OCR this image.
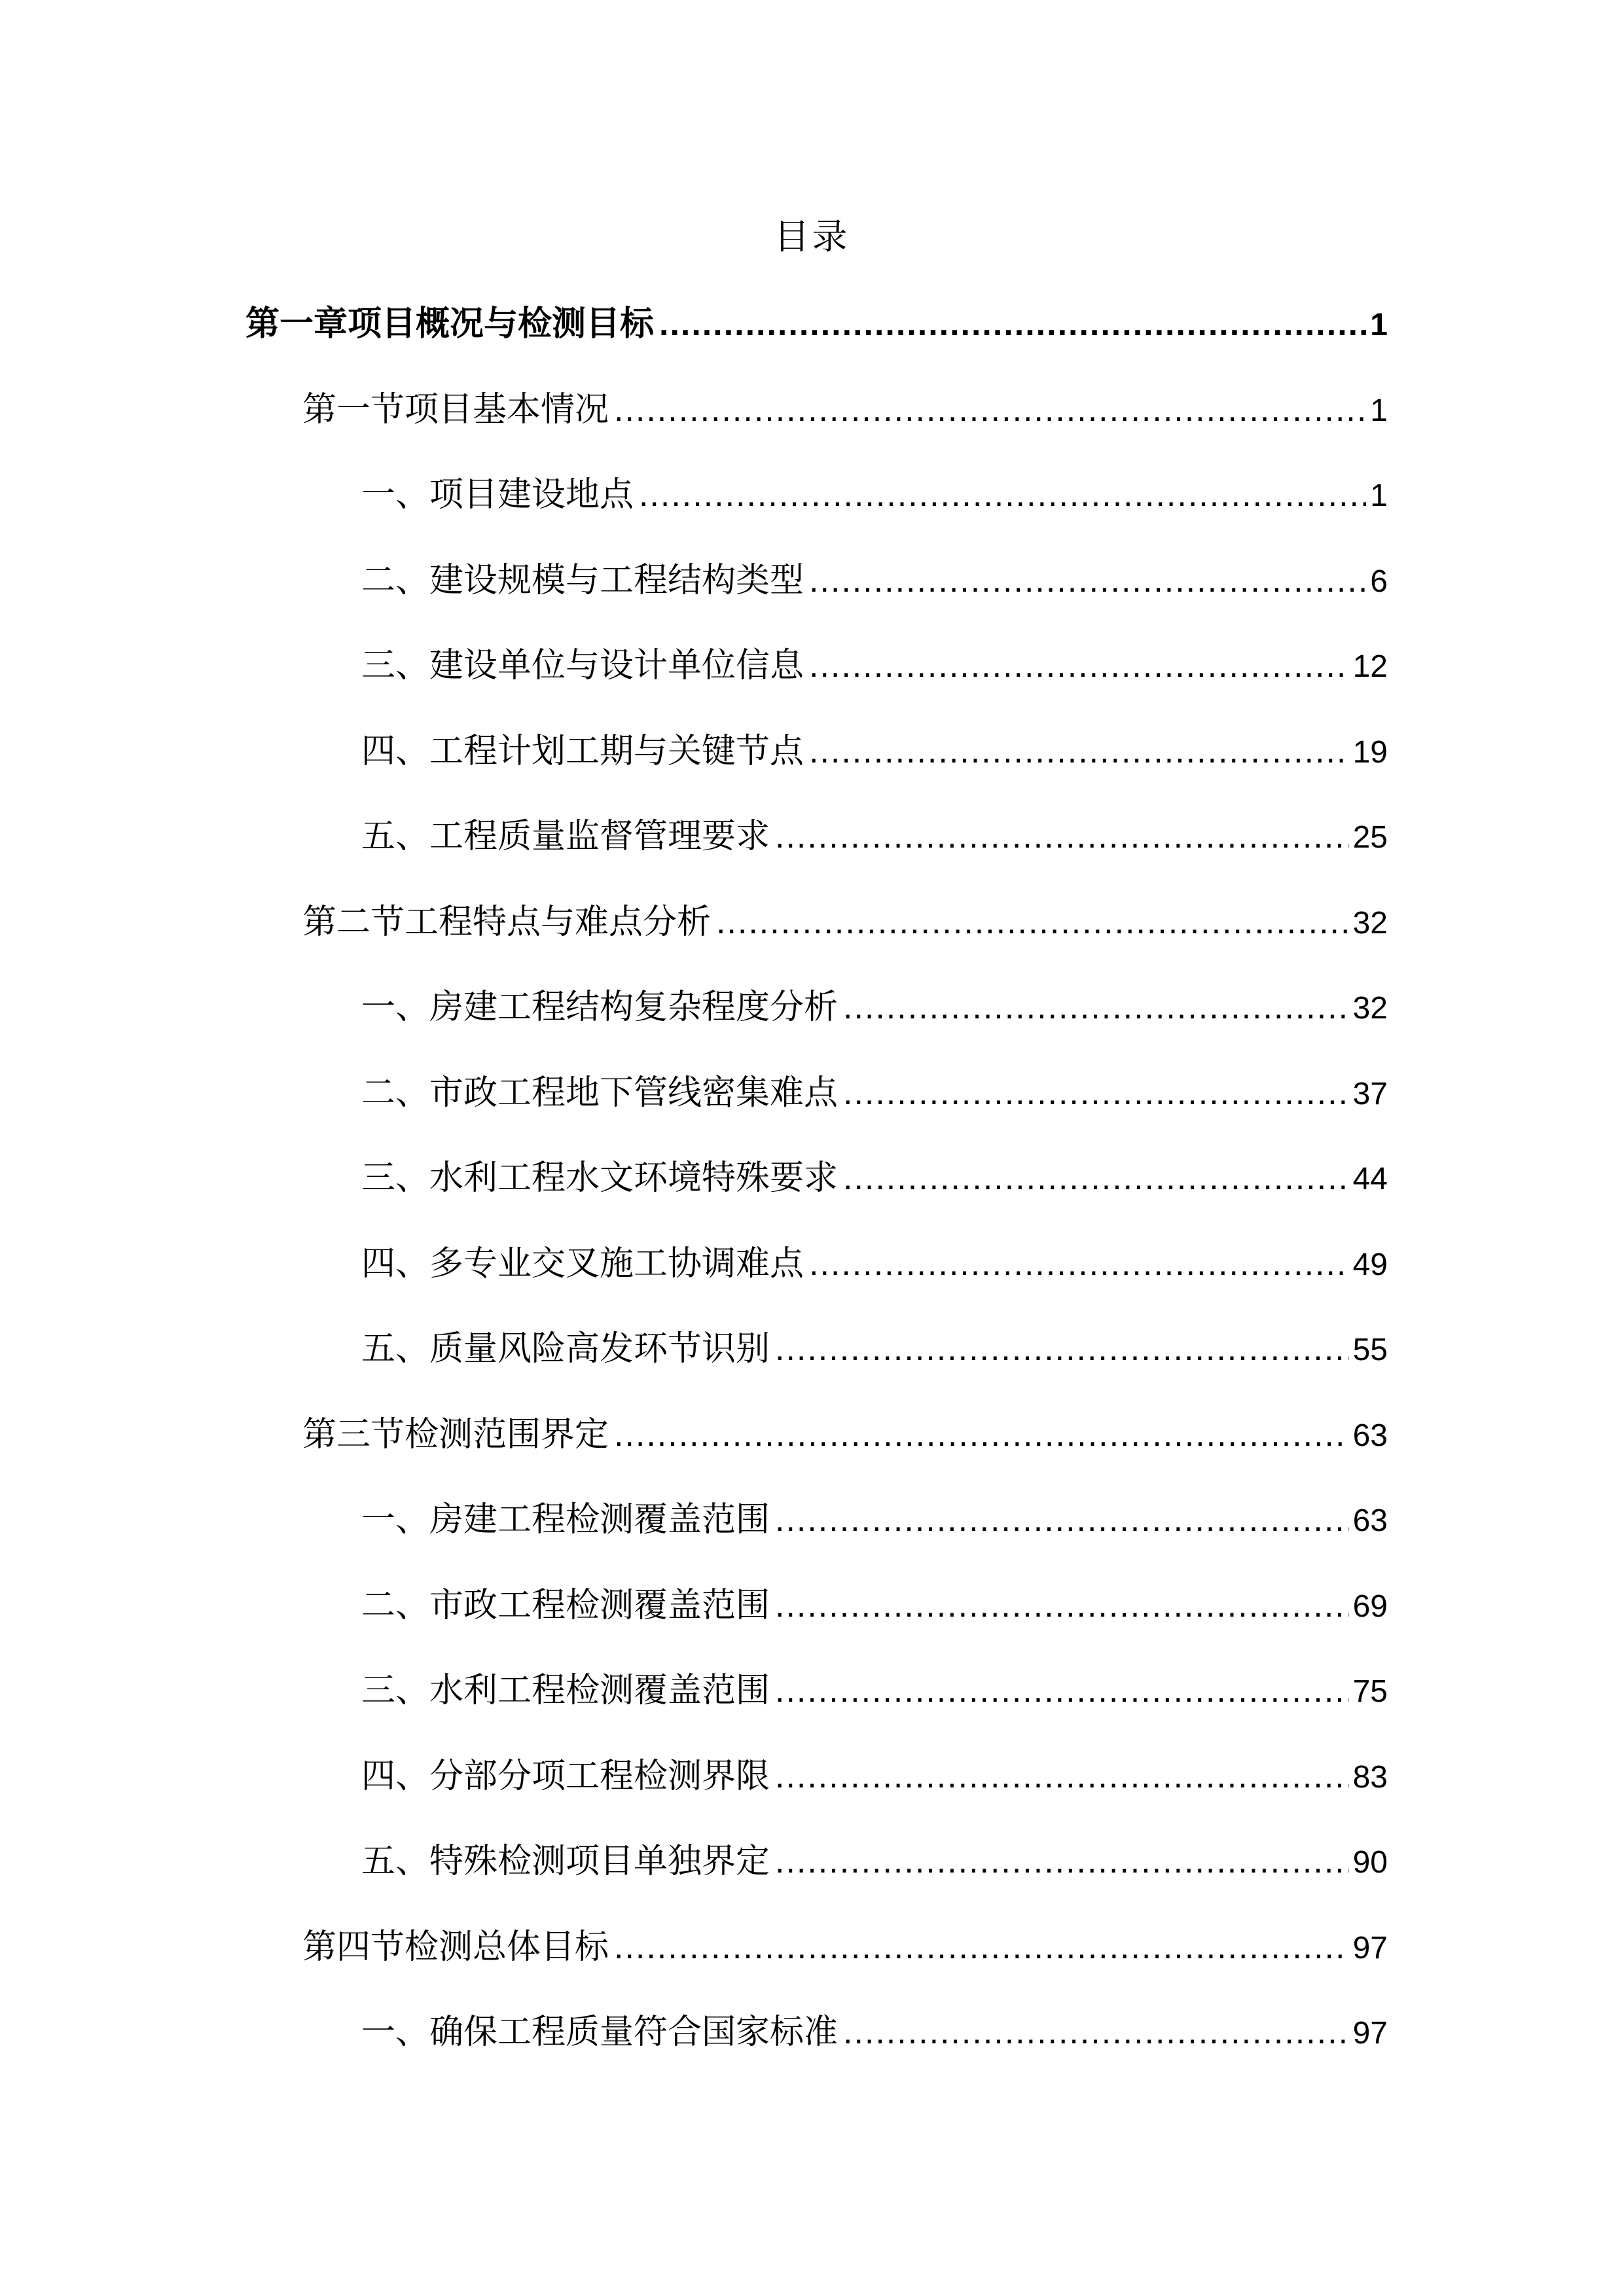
目录
第一章项目概况与检测目标 .....	1
第一节项目基本情况 .....	1
一、项目建设地点 .....	1
二、建设规模与工程结构类型 .....	6
三、建设单位与设计单位信息 .....	12
四、工程计划工期与关键节点 .....	19
五、工程质量监督管理要求 .....	25
第二节工程特点与难点分析 .....	32
一、房建工程结构复杂程度分析 .....	32
二、市政工程地下管线密集难点 .....	37
三、水利工程水文环境特殊要求 .....	44
四、多专业交叉施工协调难点 .....	49
五、质量风险高发环节识别 .....	55
第三节检测范围界定 .....	63
一、房建工程检测覆盖范围 .....	63
二、市政工程检测覆盖范围 .....	69
三、水利工程检测覆盖范围 .....	75
四、分部分项工程检测界限 .....	83
五、特殊检测项目单独界定 .....	90
第四节检测总体目标 .....	97
一、确保工程质量符合国家标准 .....	97
